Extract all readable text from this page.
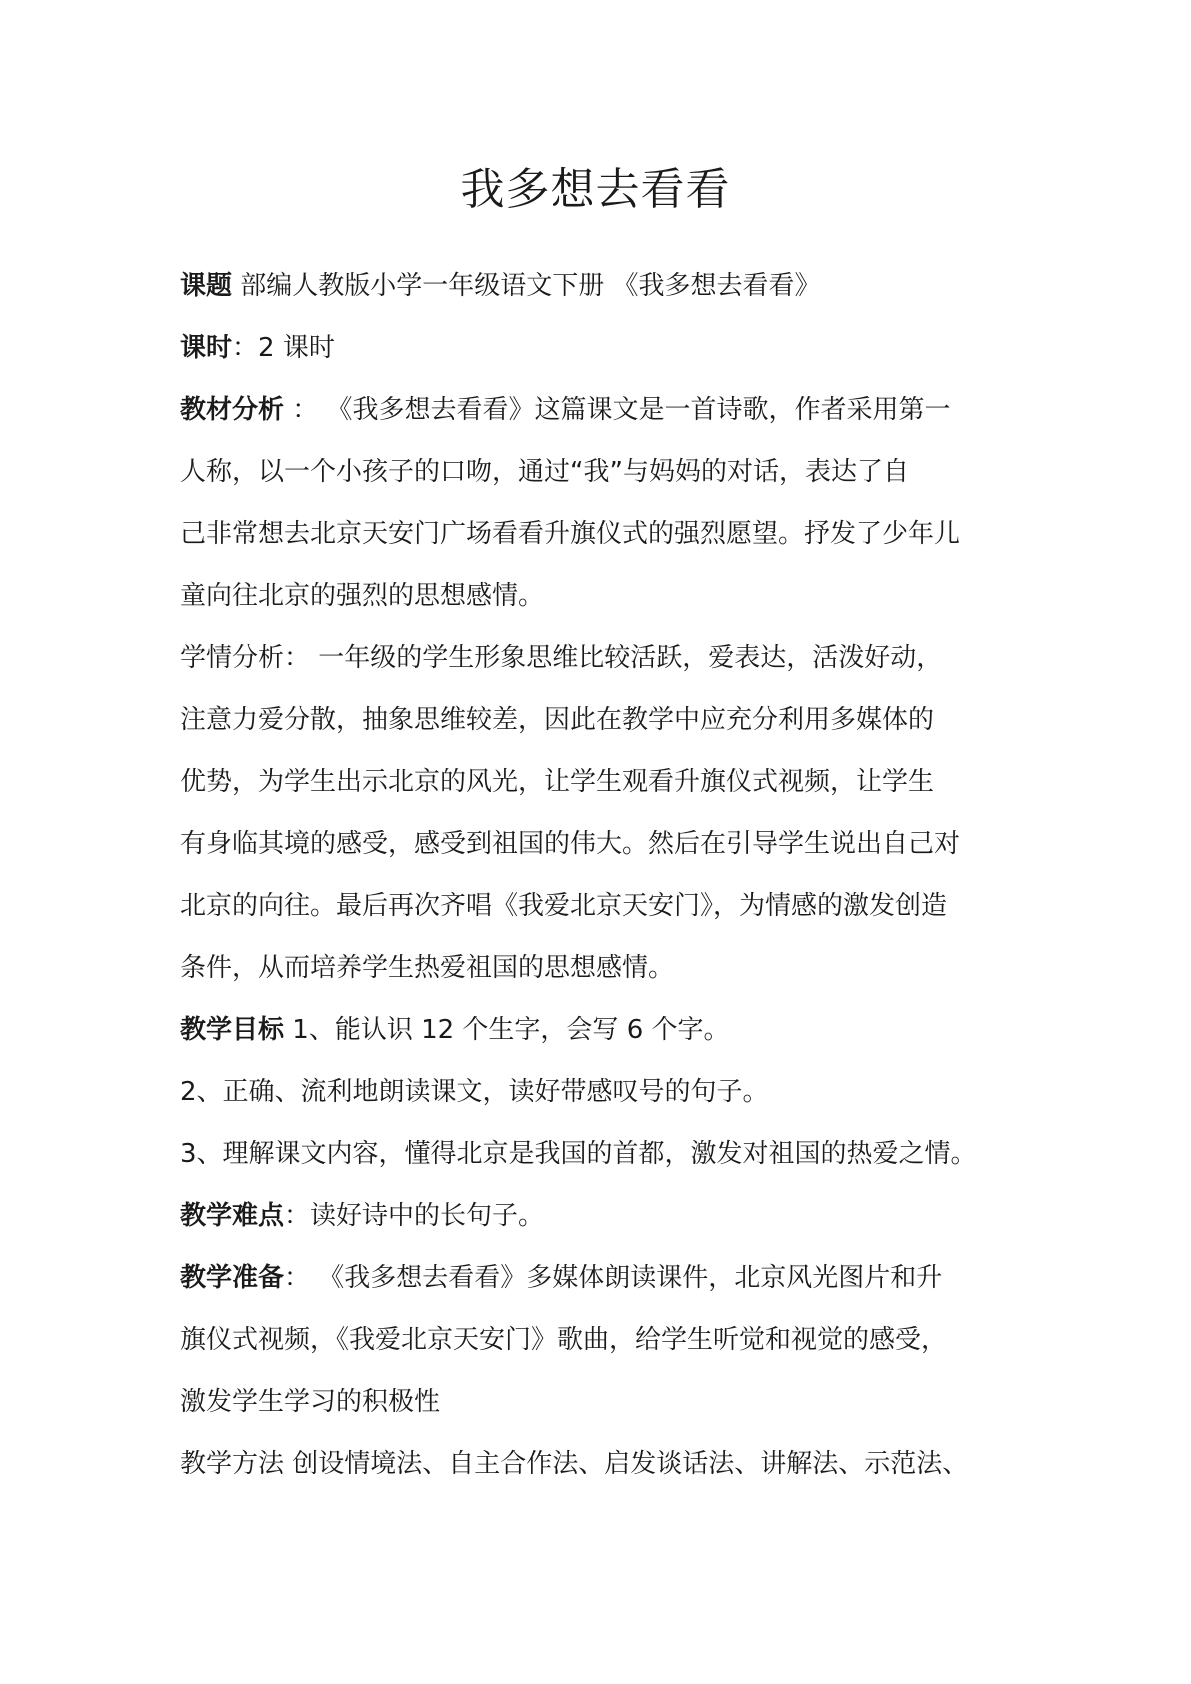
我多想去看看

课题 部编人教版小学一年级语文下册 《我多想去看看》

课时：2 课时

教材分析 ： 《我多想去看看》这篇课文是一首诗歌，作者采用第一

人称，以一个小孩子的口吻，通过“我”与妈妈的对话，表达了自

己非常想去北京天安门广场看看升旗仪式的强烈愿望。抒发了少年儿

童向往北京的强烈的思想感情。

学情分析： 一年级的学生形象思维比较活跃，爱表达，活泼好动，

注意力爱分散，抽象思维较差，因此在教学中应充分利用多媒体的

优势，为学生出示北京的风光，让学生观看升旗仪式视频，让学生

有身临其境的感受，感受到祖国的伟大。然后在引导学生说出自己对

北京的向往。最后再次齐唱《我爱北京天安门》，为情感的激发创造

条件，从而培养学生热爱祖国的思想感情。

教学目标 1、能认识 12 个生字，会写 6 个字。

2、正确、流利地朗读课文，读好带感叹号的句子。

3、理解课文内容，懂得北京是我国的首都，激发对祖国的热爱之情。

教学难点：读好诗中的长句子。

教学准备： 《我多想去看看》多媒体朗读课件，北京风光图片和升

旗仪式视频，《我爱北京天安门》歌曲，给学生听觉和视觉的感受，

激发学生学习的积极性

教学方法 创设情境法、自主合作法、启发谈话法、讲解法、示范法、
